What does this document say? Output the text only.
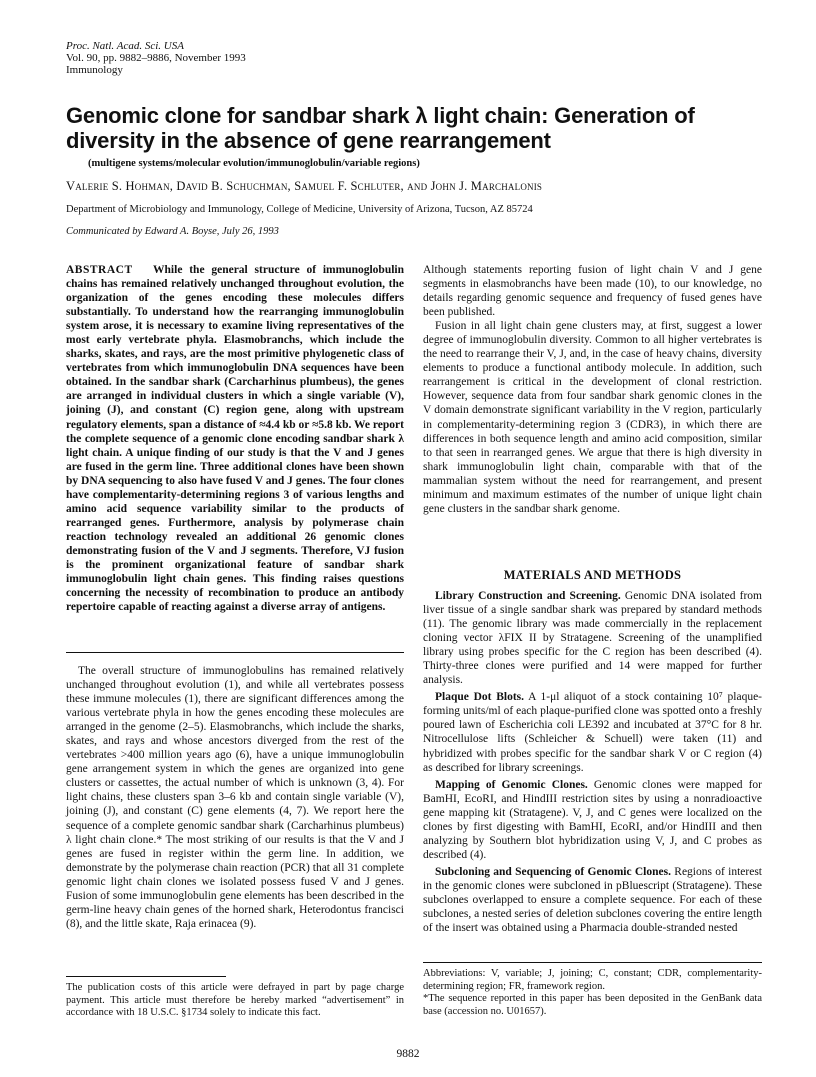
Proc. Natl. Acad. Sci. USA
Vol. 90, pp. 9882–9886, November 1993
Immunology
Genomic clone for sandbar shark λ light chain: Generation of diversity in the absence of gene rearrangement
(multigene systems/molecular evolution/immunoglobulin/variable regions)
Valerie S. Hohman, David B. Schuchman, Samuel F. Schluter, and John J. Marchalonis
Department of Microbiology and Immunology, College of Medicine, University of Arizona, Tucson, AZ 85724
Communicated by Edward A. Boyse, July 26, 1993

ABSTRACT While the general structure of immunoglobulin chains has remained relatively unchanged throughout evolution, the organization of the genes encoding these molecules differs substantially. To understand how the rearranging immunoglobulin system arose, it is necessary to examine living representatives of the most early vertebrate phyla. Elasmobranchs, which include the sharks, skates, and rays, are the most primitive phylogenetic class of vertebrates from which immunoglobulin DNA sequences have been obtained. In the sandbar shark (Carcharhinus plumbeus), the genes are arranged in individual clusters in which a single variable (V), joining (J), and constant (C) region gene, along with upstream regulatory elements, span a distance of ≈4.4 kb or ≈5.8 kb. We report the complete sequence of a genomic clone encoding sandbar shark λ light chain. A unique finding of our study is that the V and J genes are fused in the germ line. Three additional clones have been shown by DNA sequencing to also have fused V and J genes. The four clones have complementarity-determining regions 3 of various lengths and amino acid sequence variability similar to the products of rearranged genes. Furthermore, analysis by polymerase chain reaction technology revealed an additional 26 genomic clones demonstrating fusion of the V and J segments. Therefore, VJ fusion is the prominent organizational feature of sandbar shark immunoglobulin light chain genes. This finding raises questions concerning the necessity of recombination to produce an antibody repertoire capable of reacting against a diverse array of antigens.

The overall structure of immunoglobulins has remained relatively unchanged throughout evolution (1), and while all vertebrates possess these immune molecules (1), there are significant differences among the various vertebrate phyla in how the genes encoding these molecules are arranged in the genome (2–5). Elasmobranchs, which include the sharks, skates, and rays and whose ancestors diverged from the rest of the vertebrates >400 million years ago (6), have a unique immunoglobulin gene arrangement system in which the genes are organized into gene clusters or cassettes, the actual number of which is unknown (3, 4). For light chains, these clusters span 3–6 kb and contain single variable (V), joining (J), and constant (C) gene elements (4, 7). We report here the sequence of a complete genomic sandbar shark (Carcharhinus plumbeus) λ light chain clone.* The most striking of our results is that the V and J genes are fused in register within the germ line. In addition, we demonstrate by the polymerase chain reaction (PCR) that all 31 complete genomic light chain clones we isolated possess fused V and J genes. Fusion of some immunoglobulin gene elements has been described in the germ-line heavy chain genes of the horned shark, Heterodontus francisci (8), and the little skate, Raja erinacea (9).

The publication costs of this article were defrayed in part by page charge payment. This article must therefore be hereby marked “advertisement” in accordance with 18 U.S.C. §1734 solely to indicate this fact.

Although statements reporting fusion of light chain V and J gene segments in elasmobranchs have been made (10), to our knowledge, no details regarding genomic sequence and frequency of fused genes have been published.

Fusion in all light chain gene clusters may, at first, suggest a lower degree of immunoglobulin diversity. Common to all higher vertebrates is the need to rearrange their V, J, and, in the case of heavy chains, diversity elements to produce a functional antibody molecule. In addition, such rearrangement is critical in the development of clonal restriction. However, sequence data from four sandbar shark genomic clones in the V domain demonstrate significant variability in the V region, particularly in complementarity-determining region 3 (CDR3), in which there are differences in both sequence length and amino acid composition, similar to that seen in rearranged genes. We argue that there is high diversity in shark immunoglobulin light chain, comparable with that of the mammalian system without the need for rearrangement, and present minimum and maximum estimates of the number of unique light chain gene clusters in the sandbar shark genome.

MATERIALS AND METHODS

Library Construction and Screening. Genomic DNA isolated from liver tissue of a single sandbar shark was prepared by standard methods (11). The genomic library was made commercially in the replacement cloning vector λFIX II by Stratagene. Screening of the unamplified library using probes specific for the C region has been described (4). Thirty-three clones were purified and 14 were mapped for further analysis.

Plaque Dot Blots. A 1-μl aliquot of a stock containing 10⁷ plaque-forming units/ml of each plaque-purified clone was spotted onto a freshly poured lawn of Escherichia coli LE392 and incubated at 37°C for 8 hr. Nitrocellulose lifts (Schleicher & Schuell) were taken (11) and hybridized with probes specific for the sandbar shark V or C region (4) as described for library screenings.

Mapping of Genomic Clones. Genomic clones were mapped for BamHI, EcoRI, and HindIII restriction sites by using a nonradioactive gene mapping kit (Stratagene). V, J, and C genes were localized on the clones by first digesting with BamHI, EcoRI, and/or HindIII and then analyzing by Southern blot hybridization using V, J, and C probes as described (4).

Subcloning and Sequencing of Genomic Clones. Regions of interest in the genomic clones were subcloned in pBluescript (Stratagene). These subclones overlapped to ensure a complete sequence. For each of these subclones, a nested series of deletion subclones covering the entire length of the insert was obtained using a Pharmacia double-stranded nested

Abbreviations: V, variable; J, joining; C, constant; CDR, complementarity-determining region; FR, framework region.

*The sequence reported in this paper has been deposited in the GenBank data base (accession no. U01657).

9882
